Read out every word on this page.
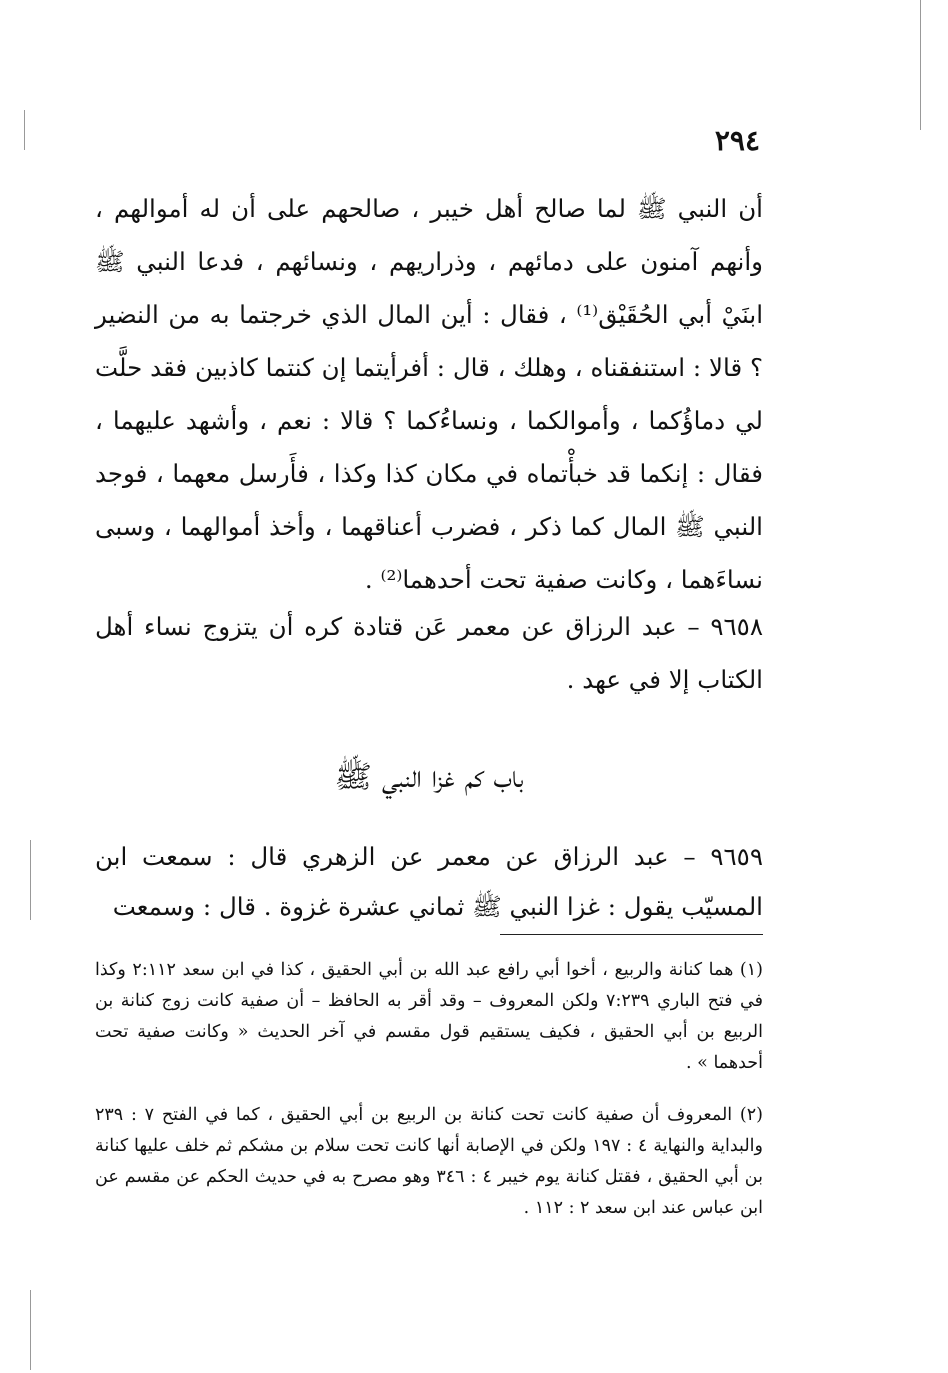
٢٩٤
أن النبي ﷺ لما صالح أهل خيبر ، صالحهم على أن له أموالهم ، وأنهم آمنون على دمائهم ، وذراريهم ، ونسائهم ، فدعا النبي ﷺ ابنَيْ أبي الحُقَيْق⁽¹⁾ ، فقال : أين المال الذي خرجتما به من النضير ؟ قالا : استنفقناه ، وهلك ، قال : أفرأيتما إن كنتما كاذبين فقد حلَّت لي دماؤُكما ، وأموالكما ، ونساءُكما ؟ قالا : نعم ، وأشهد عليهما ، فقال : إنكما قد خبأْتماه في مكان كذا وكذا ، فأَرسل معهما ، فوجد النبي ﷺ المال كما ذكر ، فضرب أعناقهما ، وأخذ أموالهما ، وسبى نساءَهما ، وكانت صفية تحت أحدهما⁽²⁾ .
٩٦٥٨ – عبد الرزاق عن معمر عَن قتادة كره أن يتزوج نساء أهل الكتاب إلا في عهد .
باب كم غزا النبي ﷺ
٩٦٥٩ – عبد الرزاق عن معمر عن الزهري قال : سمعت ابن المسيّب يقول : غزا النبي ﷺ ثماني عشرة غزوة . قال : وسمعت
(١) هما كنانة والربيع ، أخوا أبي رافع عبد الله بن أبي الحقيق ، كذا في ابن سعد ٢:١١٢ وكذا في فتح الباري ٧:٢٣٩ ولكن المعروف – وقد أقر به الحافظ – أن صفية كانت زوج كنانة بن الربيع بن أبي الحقيق ، فكيف يستقيم قول مقسم في آخر الحديث « وكانت صفية تحت أحدهما » .
(٢) المعروف أن صفية كانت تحت كنانة بن الربيع بن أبي الحقيق ، كما في الفتح ٧ : ٢٣٩ والبداية والنهاية ٤ : ١٩٧ ولكن في الإصابة أنها كانت تحت سلام بن مشكم ثم خلف عليها كنانة بن أبي الحقيق ، فقتل كنانة يوم خيبر ٤ : ٣٤٦ وهو مصرح به في حديث الحكم عن مقسم عن ابن عباس عند ابن سعد ٢ : ١١٢ .
